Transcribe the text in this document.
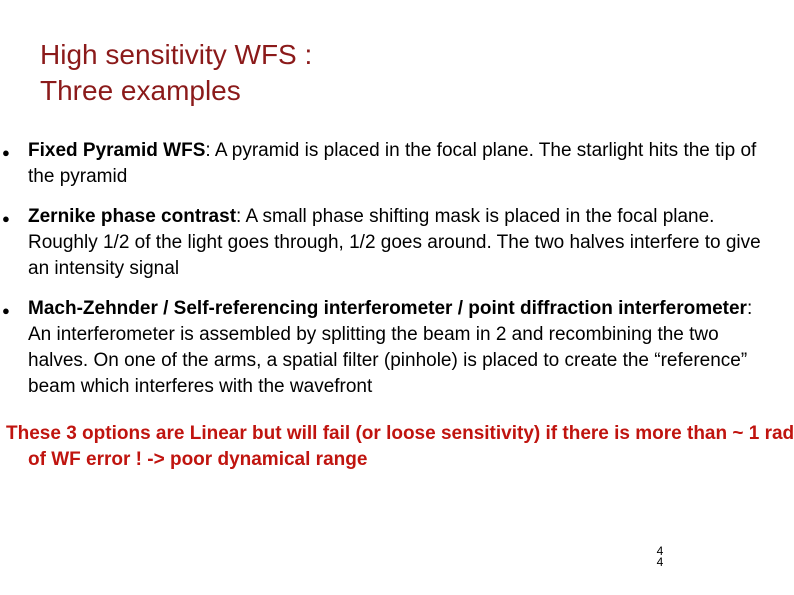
High sensitivity WFS :
Three examples
● Fixed Pyramid WFS: A pyramid is placed in the focal plane. The starlight hits the tip of the pyramid
● Zernike phase contrast: A small phase shifting mask is placed in the focal plane. Roughly 1/2 of the light goes through, 1/2 goes around. The two halves interfere to give an intensity signal
● Mach-Zehnder / Self-referencing interferometer / point diffraction interferometer: An interferometer is assembled by splitting the beam in 2 and recombining the two halves. On one of the arms, a spatial filter (pinhole) is placed to create the “reference” beam which interferes with the wavefront

These 3 options are Linear but will fail (or loose sensitivity) if there is more than ~ 1 rad of WF error ! -> poor dynamical range

4
4
